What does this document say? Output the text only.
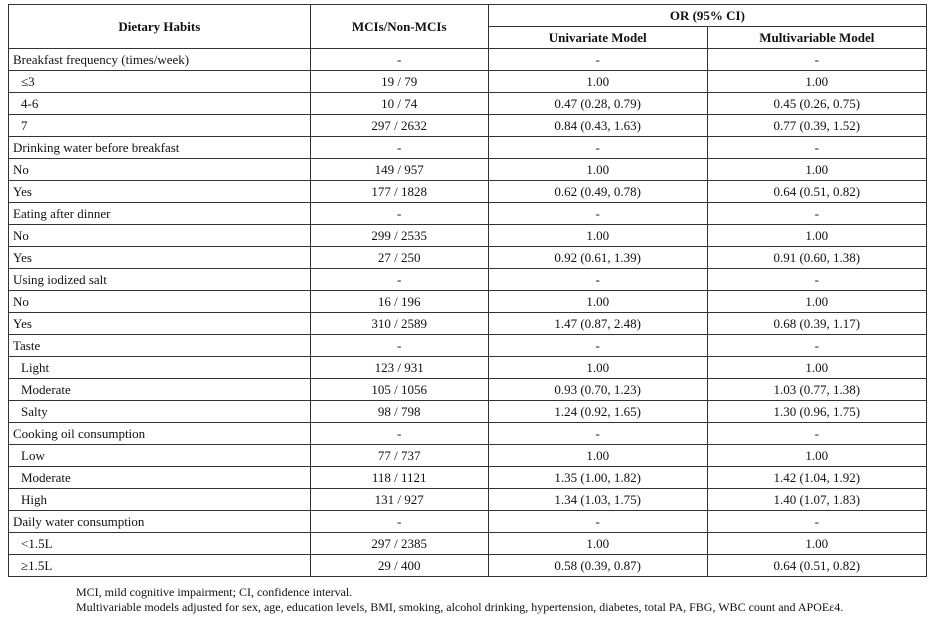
Dietary Habits	MCIs/Non-MCIs	OR (95% CI)	
		Univariate Model	Multivariable Model
Breakfast frequency (times/week)	-	-	-
≤3	19 / 79	1.00	1.00
4-6	10 / 74	0.47 (0.28, 0.79)	0.45 (0.26, 0.75)
7	297 / 2632	0.84 (0.43, 1.63)	0.77 (0.39, 1.52)
Drinking water before breakfast	-	-	-
No	149 / 957	1.00	1.00
Yes	177 / 1828	0.62 (0.49, 0.78)	0.64 (0.51, 0.82)
Eating after dinner	-	-	-
No	299 / 2535	1.00	1.00
Yes	27 / 250	0.92 (0.61, 1.39)	0.91 (0.60, 1.38)
Using iodized salt	-	-	-
No	16 / 196	1.00	1.00
Yes	310 / 2589	1.47 (0.87, 2.48)	0.68 (0.39, 1.17)
Taste	-	-	-
Light	123 / 931	1.00	1.00
Moderate	105 / 1056	0.93 (0.70, 1.23)	1.03 (0.77, 1.38)
Salty	98 / 798	1.24 (0.92, 1.65)	1.30 (0.96, 1.75)
Cooking oil consumption	-	-	-
Low	77 / 737	1.00	1.00
Moderate	118 / 1121	1.35 (1.00, 1.82)	1.42 (1.04, 1.92)
High	131 / 927	1.34 (1.03, 1.75)	1.40 (1.07, 1.83)
Daily water consumption	-	-	-
<1.5L	297 / 2385	1.00	1.00
≥1.5L	29 / 400	0.58 (0.39, 0.87)	0.64 (0.51, 0.82)
MCI, mild cognitive impairment; CI, confidence interval.
Multivariable models adjusted for sex, age, education levels, BMI, smoking, alcohol drinking, hypertension, diabetes, total PA, FBG, WBC count and APOEε4.
